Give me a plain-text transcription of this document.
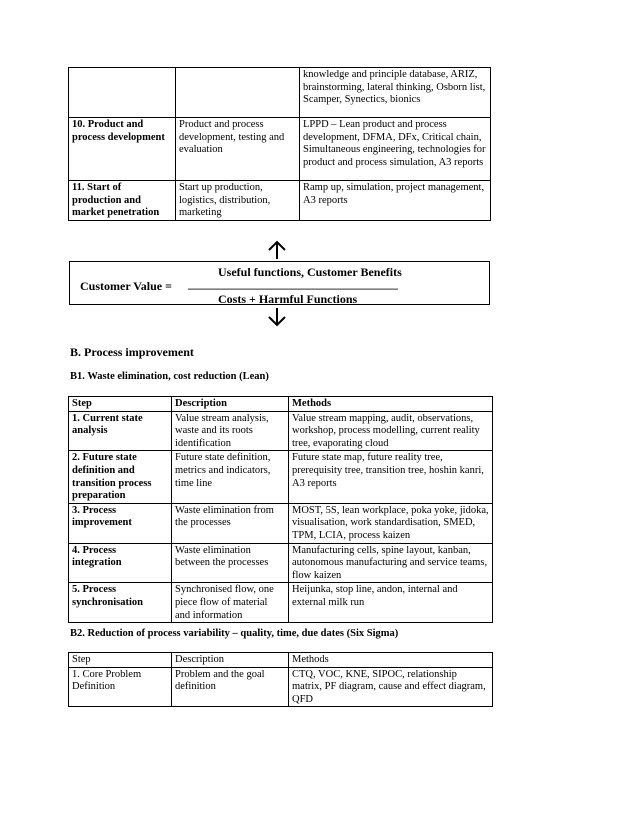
		knowledge and principle database, ARIZ, brainstorming, lateral thinking, Osborn list, Scamper, Synectics, bionics
10. Product and process development	Product and process development, testing and evaluation	LPPD – Lean product and process development, DFMA, DFx, Critical chain, Simultaneous engineering, technologies for product and process simulation, A3 reports
11. Start of production and market penetration	Start up production, logistics, distribution, marketing	Ramp up, simulation, project management, A3 reports
Useful functions, Customer Benefits
Customer Value = ___________________________________
Costs + Harmful Functions
B. Process improvement
B1. Waste elimination, cost reduction (Lean)
Step	Description	Methods
1. Current state analysis	Value stream analysis, waste and its roots identification	Value stream mapping, audit, observations, workshop, process modelling, current reality tree, evaporating cloud
2. Future state definition and transition process preparation	Future state definition, metrics and indicators, time line	Future state map, future reality tree, prerequisity tree, transition tree, hoshin kanri, A3 reports
3. Process improvement	Waste elimination from the processes	MOST, 5S, lean workplace, poka yoke, jidoka, visualisation, work standardisation, SMED, TPM, LCIA, process kaizen
4. Process integration	Waste elimination between the processes	Manufacturing cells, spine layout, kanban, autonomous manufacturing and service teams, flow kaizen
5. Process synchronisation	Synchronised flow, one piece flow of material and information	Heijunka, stop line, andon, internal and external milk run
B2. Reduction of process variability – quality, time, due dates (Six Sigma)
Step	Description	Methods
1. Core Problem Definition	Problem and the goal definition	CTQ, VOC, KNE, SIPOC, relationship matrix, PF diagram, cause and effect diagram, QFD
